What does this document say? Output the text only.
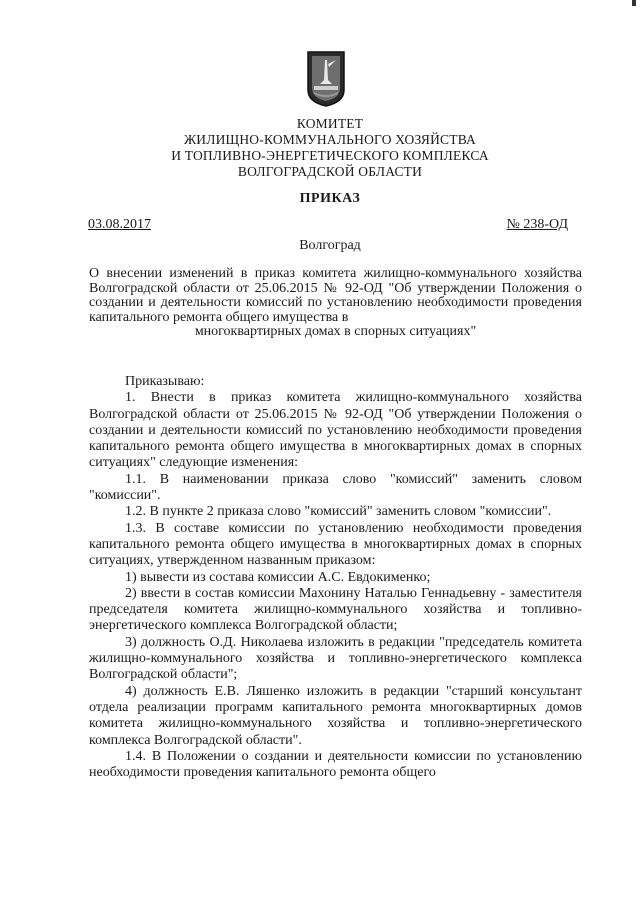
КОМИТЕТ
ЖИЛИЩНО-КОММУНАЛЬНОГО ХОЗЯЙСТВА
И ТОПЛИВНО-ЭНЕРГЕТИЧЕСКОГО КОМПЛЕКСА
ВОЛГОГРАДСКОЙ ОБЛАСТИ
ПРИКАЗ
03.08.2017	№ 238-ОД
Волгоград
О внесении изменений в приказ комитета жилищно-коммунального хозяйства Волгоградской области от 25.06.2015 № 92-ОД "Об утверждении Положения о создании и деятельности комиссий по установлению необходимости проведения капитального ремонта общего имущества в
многоквартирных домах в спорных ситуациях"

Приказываю:

1. Внести в приказ комитета жилищно-коммунального хозяйства Волгоградской области от 25.06.2015 № 92-ОД "Об утверждении Положения о создании и деятельности комиссий по установлению необходимости проведения капитального ремонта общего имущества в многоквартирных домах в спорных ситуациях" следующие изменения:

1.1. В наименовании приказа слово "комиссий" заменить словом "комиссии".

1.2. В пункте 2 приказа слово "комиссий" заменить словом "комиссии".

1.3. В составе комиссии по установлению необходимости проведения капитального ремонта общего имущества в многоквартирных домах в спорных ситуациях, утвержденном названным приказом:

1) вывести из состава комиссии А.С. Евдокименко;

2) ввести в состав комиссии Махонину Наталью Геннадьевну - заместителя председателя комитета жилищно-коммунального хозяйства и топливно-энергетического комплекса Волгоградской области;

3) должность О.Д. Николаева изложить в редакции "председатель комитета жилищно-коммунального хозяйства и топливно-энергетического комплекса Волгоградской области";

4) должность Е.В. Ляшенко изложить в редакции "старший консультант отдела реализации программ капитального ремонта многоквартирных домов комитета жилищно-коммунального хозяйства и топливно-энергетического комплекса Волгоградской области".

1.4. В Положении о создании и деятельности комиссии по установлению необходимости проведения капитального ремонта общего
